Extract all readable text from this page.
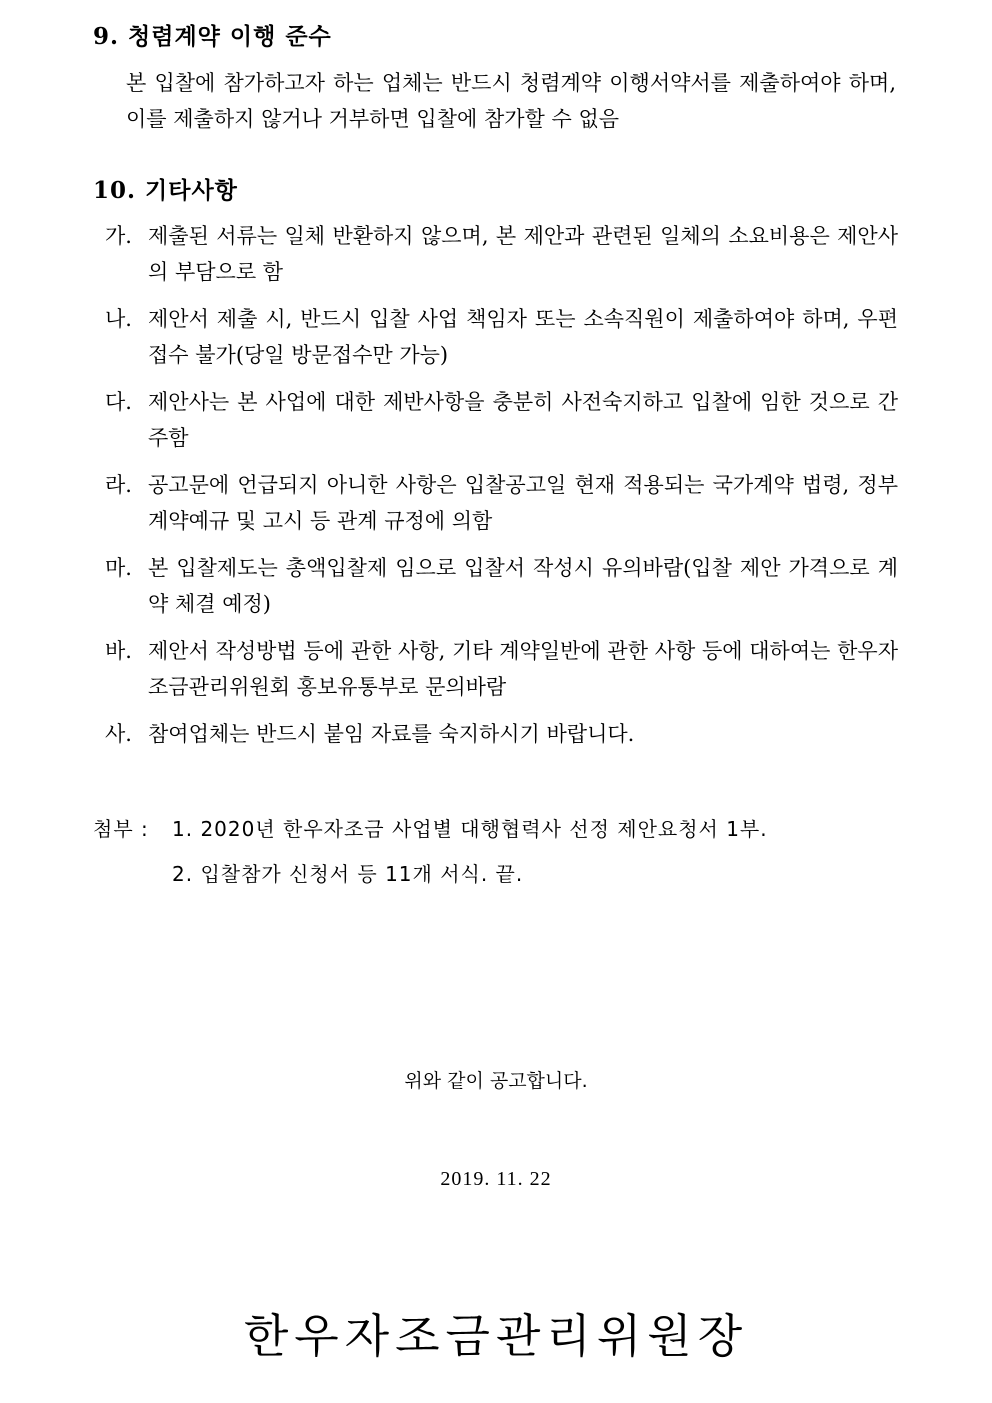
9. 청렴계약 이행 준수
본 입찰에 참가하고자 하는 업체는 반드시 청렴계약 이행서약서를 제출하여야 하며, 이를 제출하지 않거나 거부하면 입찰에 참가할 수 없음
10. 기타사항
가. 제출된 서류는 일체 반환하지 않으며, 본 제안과 관련된 일체의 소요비용은 제안사의 부담으로 함
나. 제안서 제출 시, 반드시 입찰 사업 책임자 또는 소속직원이 제출하여야 하며, 우편접수 불가(당일 방문접수만 가능)
다. 제안사는 본 사업에 대한 제반사항을 충분히 사전숙지하고 입찰에 임한 것으로 간주함
라. 공고문에 언급되지 아니한 사항은 입찰공고일 현재 적용되는 국가계약 법령, 정부 계약예규 및 고시 등 관계 규정에 의함
마. 본 입찰제도는 총액입찰제 임으로 입찰서 작성시 유의바람(입찰 제안 가격으로 계약 체결 예정)
바. 제안서 작성방법 등에 관한 사항, 기타 계약일반에 관한 사항 등에 대하여는 한우자조금관리위원회 홍보유통부로 문의바람
사. 참여업체는 반드시 붙임 자료를 숙지하시기 바랍니다.
첨부 : 1. 2020년 한우자조금 사업별 대행협력사 선정 제안요청서 1부.
2. 입찰참가 신청서 등 11개 서식. 끝.
위와 같이 공고합니다.
2019. 11. 22
한우자조금관리위원장
